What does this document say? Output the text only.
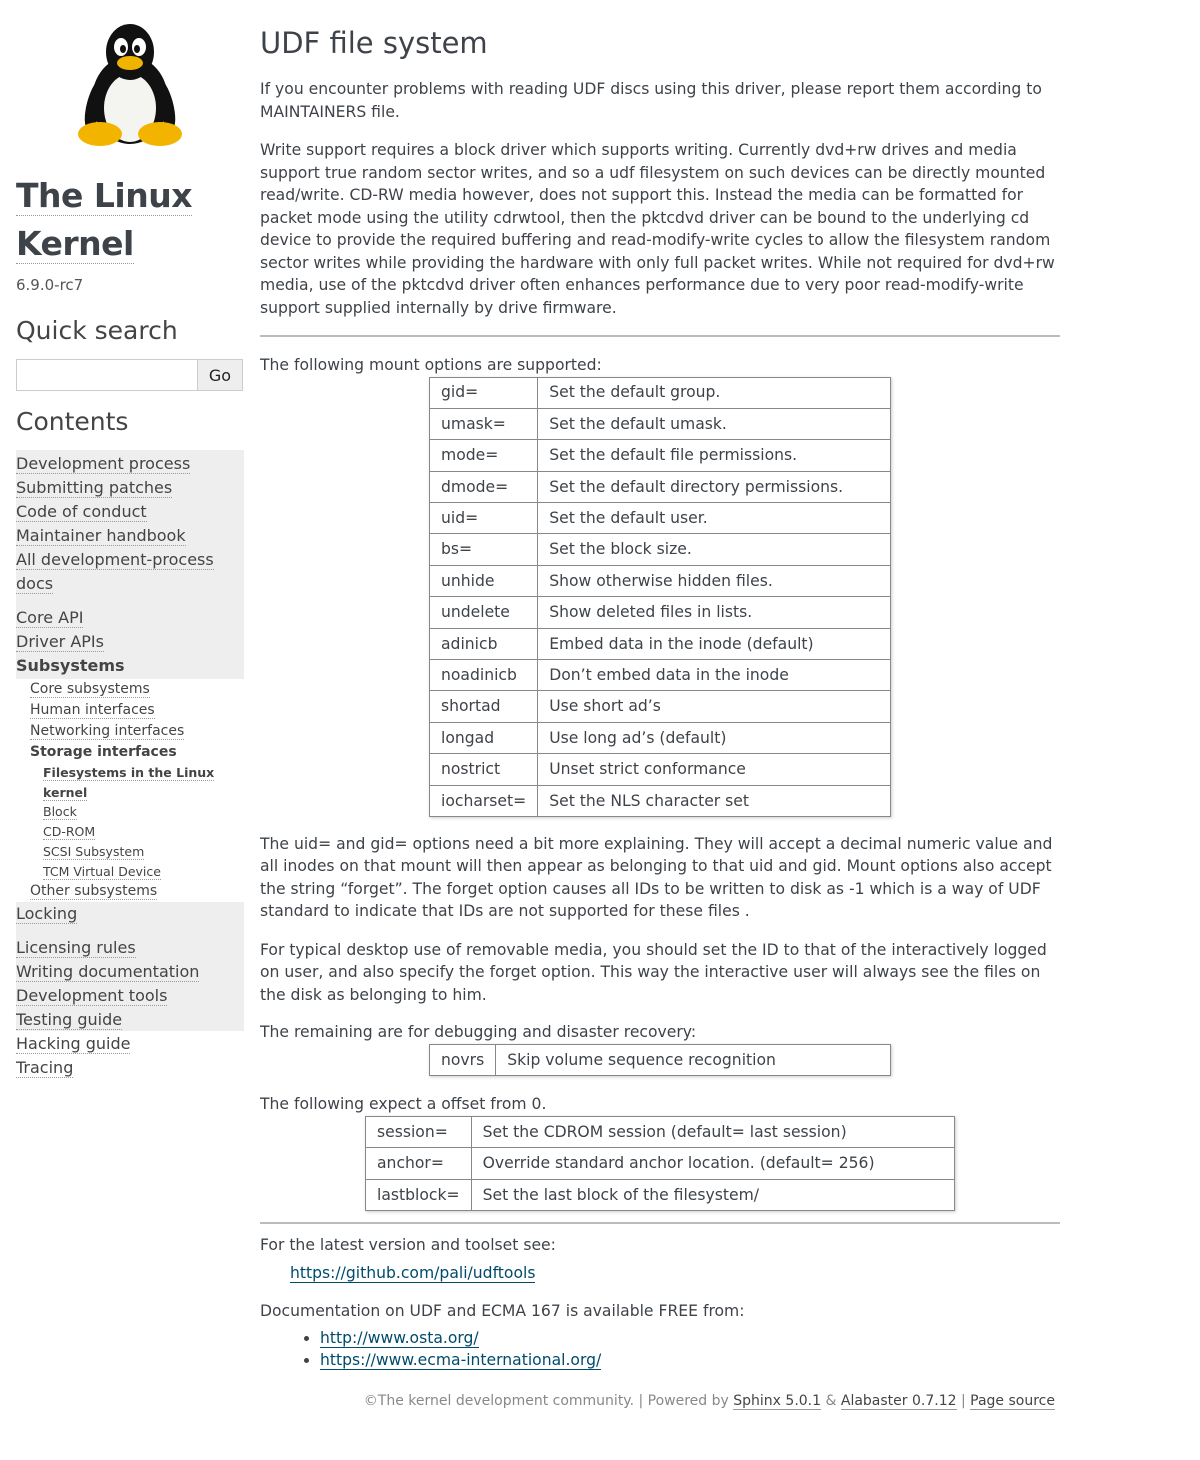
The Linux
Kernel
6.9.0-rc7
Quick search
Go
Contents
Development process
Submitting patches
Code of conduct
Maintainer handbook
All development-process docs
Core API
Driver APIs
Subsystems
Core subsystems
Human interfaces
Networking interfaces
Storage interfaces
Filesystems in the Linux kernel
Block
CD-ROM
SCSI Subsystem
TCM Virtual Device
Other subsystems
Locking
Licensing rules
Writing documentation
Development tools
Testing guide
Hacking guide
Tracing
UDF file system

If you encounter problems with reading UDF discs using this driver, please report them according to MAINTAINERS file.

Write support requires a block driver which supports writing. Currently dvd+rw drives and media support true random sector writes, and so a udf filesystem on such devices can be directly mounted read/write. CD-RW media however, does not support this. Instead the media can be formatted for packet mode using the utility cdrwtool, then the pktcdvd driver can be bound to the underlying cd device to provide the required buffering and read-modify-write cycles to allow the filesystem random sector writes while providing the hardware with only full packet writes. While not required for dvd+rw media, use of the pktcdvd driver often enhances performance due to very poor read-modify-write support supplied internally by drive firmware.

The following mount options are supported:

gid=	Set the default group.
umask=	Set the default umask.
mode=	Set the default file permissions.
dmode=	Set the default directory permissions.
uid=	Set the default user.
bs=	Set the block size.
unhide	Show otherwise hidden files.
undelete	Show deleted files in lists.
adinicb	Embed data in the inode (default)
noadinicb	Don’t embed data in the inode
shortad	Use short ad’s
longad	Use long ad’s (default)
nostrict	Unset strict conformance
iocharset=	Set the NLS character set

The uid= and gid= options need a bit more explaining. They will accept a decimal numeric value and all inodes on that mount will then appear as belonging to that uid and gid. Mount options also accept the string “forget”. The forget option causes all IDs to be written to disk as -1 which is a way of UDF standard to indicate that IDs are not supported for these files .

For typical desktop use of removable media, you should set the ID to that of the interactively logged on user, and also specify the forget option. This way the interactive user will always see the files on the disk as belonging to him.

The remaining are for debugging and disaster recovery:

novrs	Skip volume sequence recognition

The following expect a offset from 0.

session=	Set the CDROM session (default= last session)
anchor=	Override standard anchor location. (default= 256)
lastblock=	Set the last block of the filesystem/

For the latest version and toolset see:

https://github.com/pali/udftools

Documentation on UDF and ECMA 167 is available FREE from:

• http://www.osta.org/
• https://www.ecma-international.org/
©The kernel development community. | Powered by Sphinx 5.0.1 & Alabaster 0.7.12 | Page source
